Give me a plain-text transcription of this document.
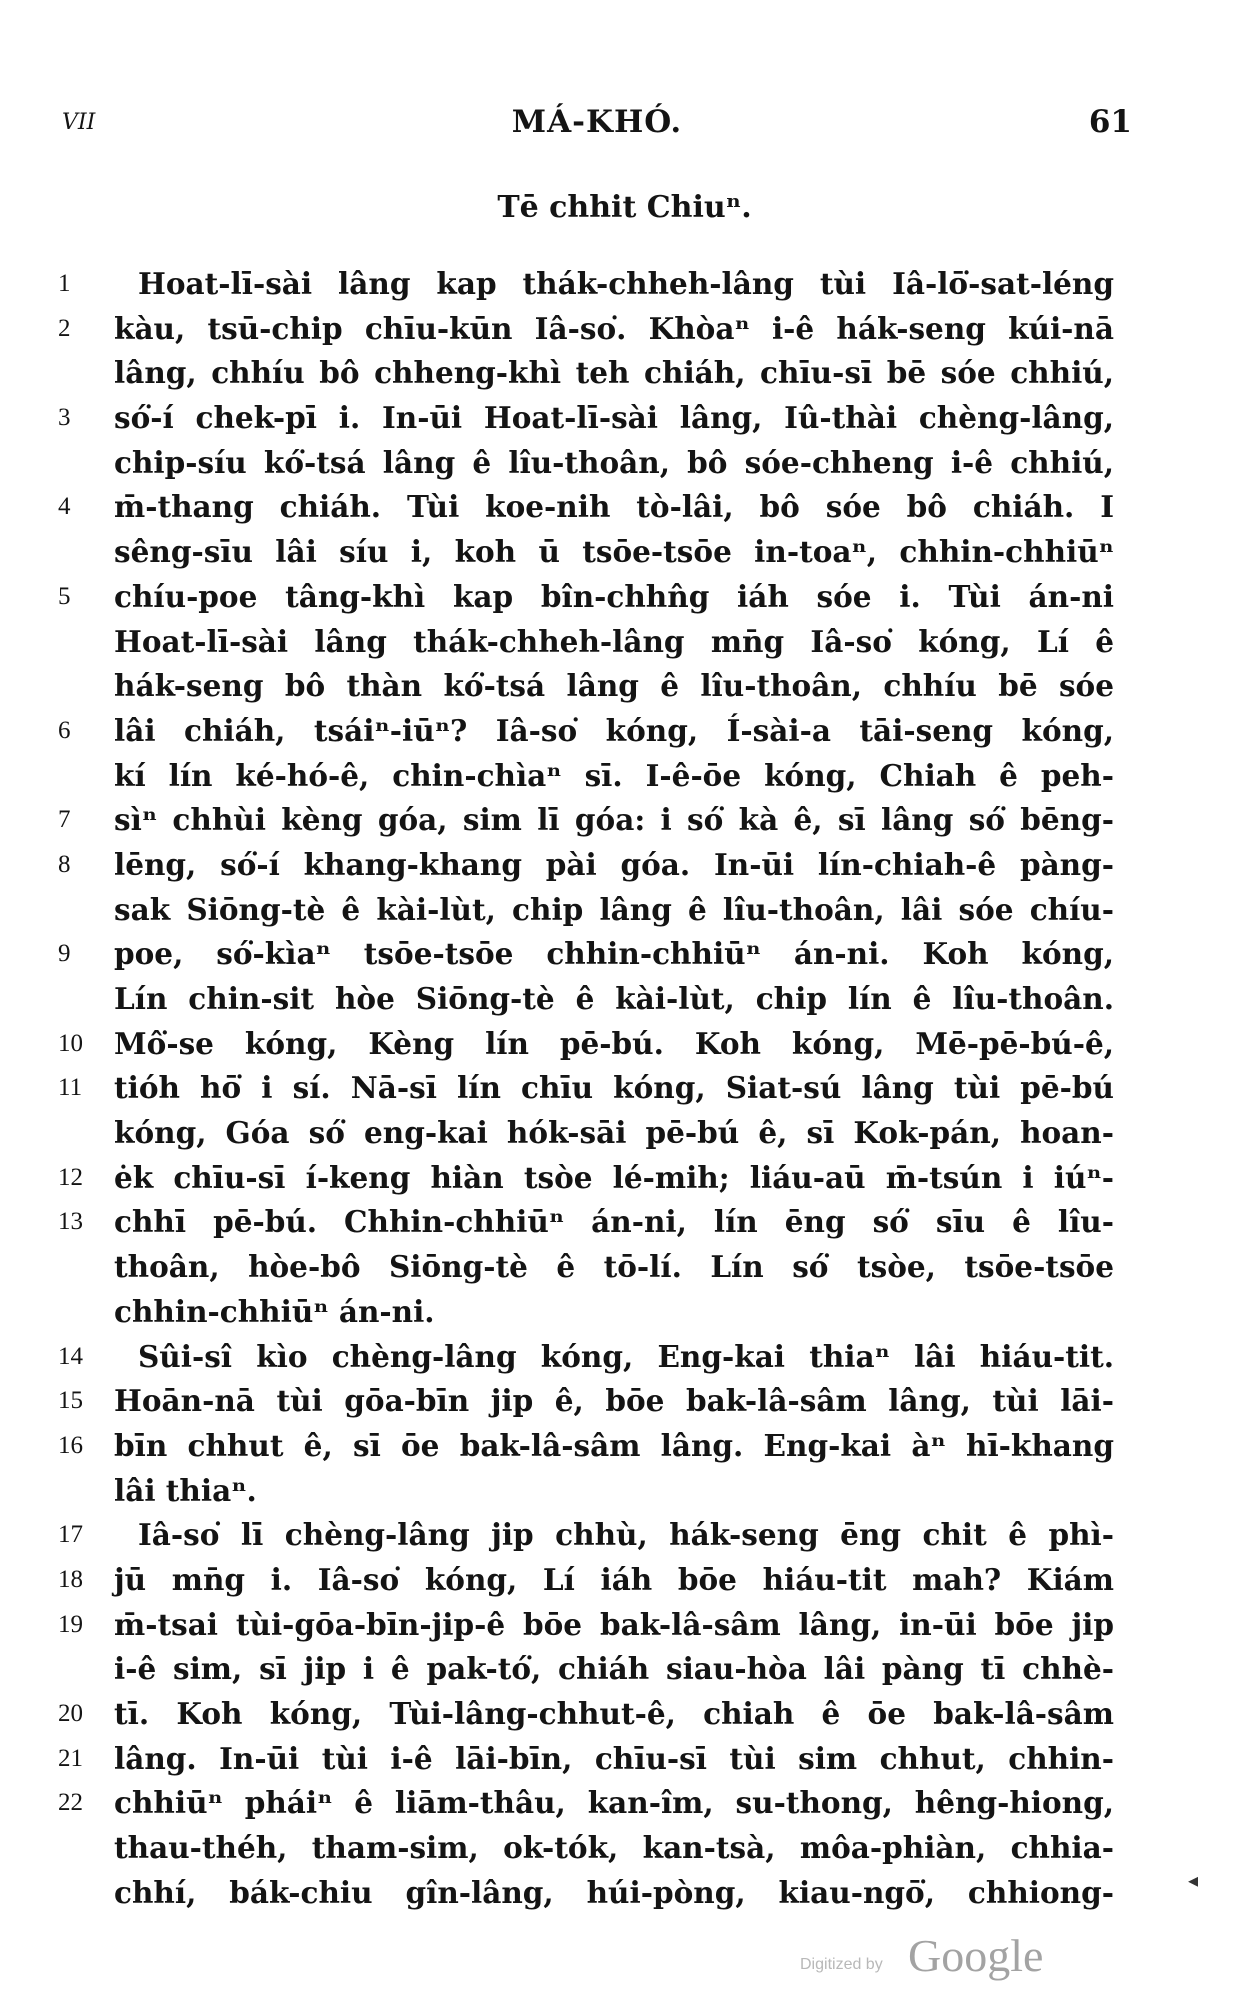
VII	MÁ-KHÓ.	61
Tē chhit Chiuⁿ.
1	Hoat-lī-sài lâng kap thák-chheh-lâng tùi Iâ-lō͘-sat-léng
2	kàu, tsū-chip chīu-kūn Iâ-so͘. Khòaⁿ i-ê hák-seng kúi-nā
lâng, chhíu bô chheng-khì teh chiáh, chīu-sī bē sóe chhiú,
3	só͘-í chek-pī i. In-ūi Hoat-lī-sài lâng, Iû-thài chèng-lâng,
chip-síu kó͘-tsá lâng ê lîu-thoân, bô sóe-chheng i-ê chhiú,
4	m̄-thang chiáh. Tùi koe-nih tò-lâi, bô sóe bô chiáh. I
sêng-sīu lâi síu i, koh ū tsōe-tsōe in-toaⁿ, chhin-chhiūⁿ
5	chíu-poe tâng-khì kap bîn-chhn̂g iáh sóe i. Tùi án-ni
Hoat-lī-sài lâng thák-chheh-lâng mn̄g Iâ-so͘ kóng, Lí ê
hák-seng bô thàn kó͘-tsá lâng ê lîu-thoân, chhíu bē sóe
6	lâi chiáh, tsáiⁿ-iūⁿ? Iâ-so͘ kóng, Í-sài-a tāi-seng kóng,
kí lín ké-hó-ê, chin-chìaⁿ sī. I-ê-ōe kóng, Chiah ê peh-
7	sìⁿ chhùi kèng góa, sim lī góa: i só͘ kà ê, sī lâng só͘ bēng-
8	lēng, só͘-í khang-khang pài góa. In-ūi lín-chiah-ê pàng-
sak Siōng-tè ê kài-lùt, chip lâng ê lîu-thoân, lâi sóe chíu-
9	poe, só͘-kìaⁿ tsōe-tsōe chhin-chhiūⁿ án-ni. Koh kóng,
Lín chin-sit hòe Siōng-tè ê kài-lùt, chip lín ê lîu-thoân.
10	Mô͘-se kóng, Kèng lín pē-bú. Koh kóng, Mē-pē-bú-ê,
11	tióh hō͘ i sí. Nā-sī lín chīu kóng, Siat-sú lâng tùi pē-bú
kóng, Góa só͘ eng-kai hók-sāi pē-bú ê, sī Kok-pán, hoan-
12	ėk chīu-sī í-keng hiàn tsòe lé-mih; liáu-aū m̄-tsún i iúⁿ-
13	chhī pē-bú. Chhin-chhiūⁿ án-ni, lín ēng só͘ sīu ê lîu-
thoân, hòe-bô Siōng-tè ê tō-lí. Lín só͘ tsòe, tsōe-tsōe
chhin-chhiūⁿ án-ni.
14	Sûi-sî kìo chèng-lâng kóng, Eng-kai thiaⁿ lâi hiáu-tit.
15	Hoān-nā tùi gōa-bīn jip ê, bōe bak-lâ-sâm lâng, tùi lāi-
16	bīn chhut ê, sī ōe bak-lâ-sâm lâng. Eng-kai àⁿ hī-khang
lâi thiaⁿ.
17	Iâ-so͘ lī chèng-lâng jip chhù, hák-seng ēng chit ê phì-
18	jū mn̄g i. Iâ-so͘ kóng, Lí iáh bōe hiáu-tit mah? Kiám
19	m̄-tsai tùi-gōa-bīn-jip-ê bōe bak-lâ-sâm lâng, in-ūi bōe jip
i-ê sim, sī jip i ê pak-tó͘, chiáh siau-hòa lâi pàng tī chhè-
20	tī. Koh kóng, Tùi-lâng-chhut-ê, chiah ê ōe bak-lâ-sâm
21	lâng. In-ūi tùi i-ê lāi-bīn, chīu-sī tùi sim chhut, chhin-
22	chhiūⁿ pháiⁿ ê liām-thâu, kan-îm, su-thong, hêng-hiong,
thau-théh, tham-sim, ok-tók, kan-tsà, môa-phiàn, chhia-
chhí, bák-chiu gîn-lâng, húi-pòng, kiau-ngō͘, chhiong-	◂
Digitized by Google
